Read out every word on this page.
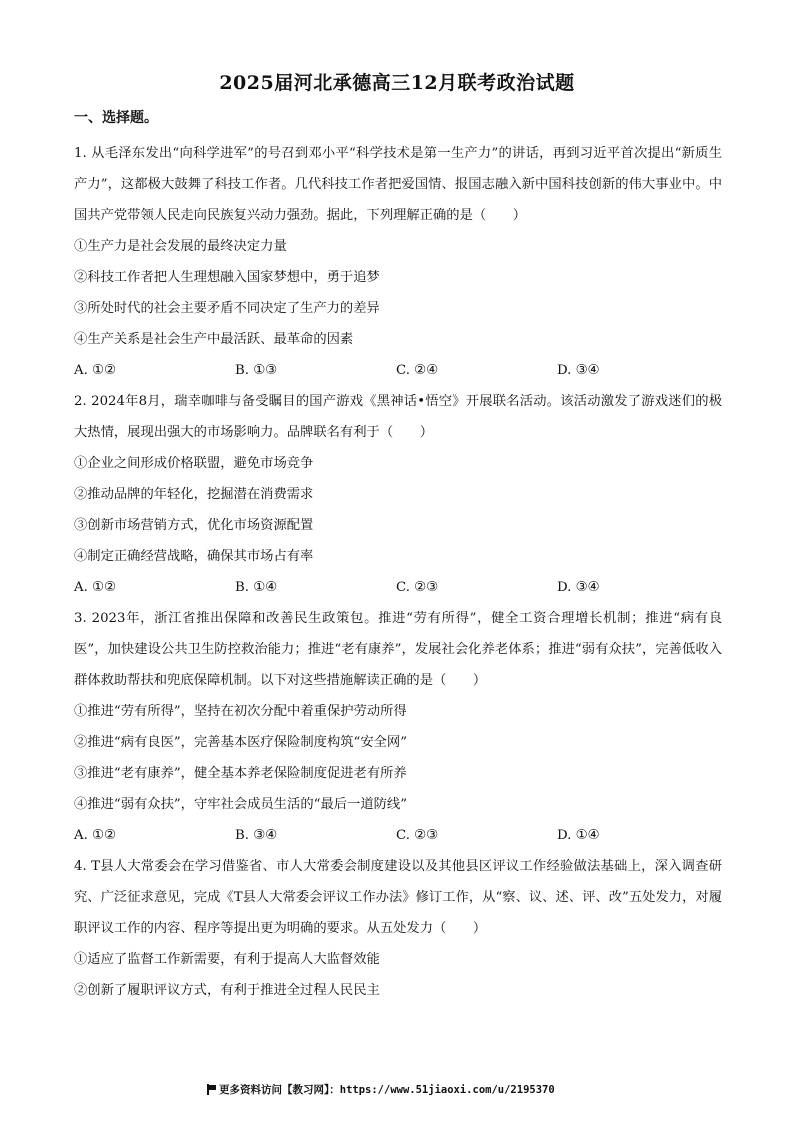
2025届河北承德高三12月联考政治试题
一、选择题。
1. 从毛泽东发出“向科学进军”的号召到邓小平“科学技术是第一生产力”的讲话，再到习近平首次提出“新质生产力”，这都极大鼓舞了科技工作者。几代科技工作者把爱国情、报国志融入新中国科技创新的伟大事业中。中国共产党带领人民走向民族复兴动力强劲。据此，下列理解正确的是（　　）
①生产力是社会发展的最终决定力量
②科技工作者把人生理想融入国家梦想中，勇于追梦
③所处时代的社会主要矛盾不同决定了生产力的差异
④生产关系是社会生产中最活跃、最革命的因素
A. ①②	B. ①③	C. ②④	D. ③④
2. 2024年8月，瑞幸咖啡与备受瞩目的国产游戏《黑神话•悟空》开展联名活动。该活动激发了游戏迷们的极大热情，展现出强大的市场影响力。品牌联名有利于（　　）
①企业之间形成价格联盟，避免市场竞争
②推动品牌的年轻化，挖掘潜在消费需求
③创新市场营销方式，优化市场资源配置
④制定正确经营战略，确保其市场占有率
A. ①②	B. ①④	C. ②③	D. ③④
3. 2023年，浙江省推出保障和改善民生政策包。推进“劳有所得”，健全工资合理增长机制；推进“病有良医”，加快建设公共卫生防控救治能力；推进“老有康养”，发展社会化养老体系；推进“弱有众扶”，完善低收入群体救助帮扶和兜底保障机制。以下对这些措施解读正确的是（　　）
①推进“劳有所得”，坚持在初次分配中着重保护劳动所得
②推进“病有良医”，完善基本医疗保险制度构筑“安全网”
③推进“老有康养”，健全基本养老保险制度促进老有所养
④推进“弱有众扶”，守牢社会成员生活的“最后一道防线”
A. ①②	B. ③④	C. ②③	D. ①④
4. T县人大常委会在学习借鉴省、市人大常委会制度建设以及其他县区评议工作经验做法基础上，深入调查研究、广泛征求意见，完成《T县人大常委会评议工作办法》修订工作，从“察、议、述、评、改”五处发力，对履职评议工作的内容、程序等提出更为明确的要求。从五处发力（　　）
①适应了监督工作新需要，有利于提高人大监督效能
②创新了履职评议方式，有利于推进全过程人民民主
更多资料访问【教习网】：https://www.51jiaoxi.com/u/2195370
